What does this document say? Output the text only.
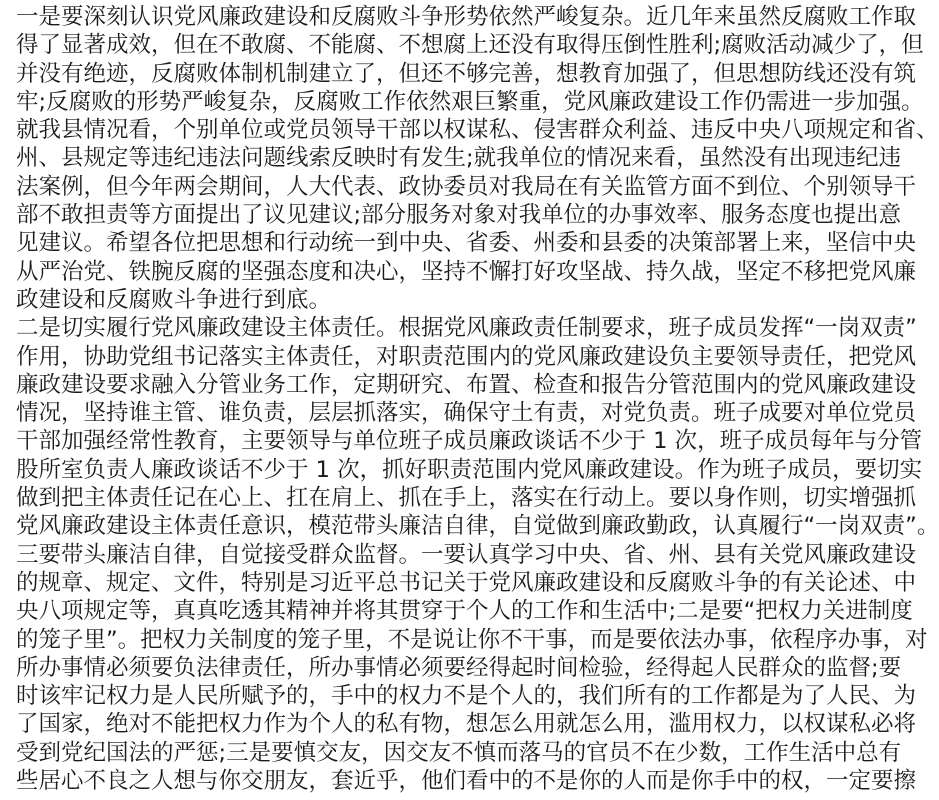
一是要深刻认识党风廉政建设和反腐败斗争形势依然严峻复杂。近几年来虽然反腐败工作取
得了显著成效，但在不敢腐、不能腐、不想腐上还没有取得压倒性胜利;腐败活动减少了，但
并没有绝迹，反腐败体制机制建立了，但还不够完善，想教育加强了，但思想防线还没有筑
牢;反腐败的形势严峻复杂，反腐败工作依然艰巨繁重，党风廉政建设工作仍需进一步加强。
就我县情况看，个别单位或党员领导干部以权谋私、侵害群众利益、违反中央八项规定和省、
州、县规定等违纪违法问题线索反映时有发生;就我单位的情况来看，虽然没有出现违纪违
法案例，但今年两会期间，人大代表、政协委员对我局在有关监管方面不到位、个别领导干
部不敢担责等方面提出了议见建议;部分服务对象对我单位的办事效率、服务态度也提出意
见建议。希望各位把思想和行动统一到中央、省委、州委和县委的决策部署上来，坚信中央
从严治党、铁腕反腐的坚强态度和决心，坚持不懈打好攻坚战、持久战，坚定不移把党风廉
政建设和反腐败斗争进行到底。
二是切实履行党风廉政建设主体责任。根据党风廉政责任制要求，班子成员发挥“一岗双责”
作用，协助党组书记落实主体责任，对职责范围内的党风廉政建设负主要领导责任，把党风
廉政建设要求融入分管业务工作，定期研究、布置、检查和报告分管范围内的党风廉政建设
情况，坚持谁主管、谁负责，层层抓落实，确保守土有责，对党负责。班子成要对单位党员
干部加强经常性教育，主要领导与单位班子成员廉政谈话不少于 1 次，班子成员每年与分管
股所室负责人廉政谈话不少于 1 次，抓好职责范围内党风廉政建设。作为班子成员，要切实
做到把主体责任记在心上、扛在肩上、抓在手上，落实在行动上。要以身作则，切实增强抓
党风廉政建设主体责任意识，模范带头廉洁自律，自觉做到廉政勤政，认真履行“一岗双责”。
三要带头廉洁自律，自觉接受群众监督。一要认真学习中央、省、州、县有关党风廉政建设
的规章、规定、文件，特别是习近平总书记关于党风廉政建设和反腐败斗争的有关论述、中
央八项规定等，真真吃透其精神并将其贯穿于个人的工作和生活中;二是要“把权力关进制度
的笼子里”。把权力关制度的笼子里，不是说让你不干事，而是要依法办事，依程序办事，对
所办事情必须要负法律责任，所办事情必须要经得起时间检验，经得起人民群众的监督;要
时该牢记权力是人民所赋予的，手中的权力不是个人的，我们所有的工作都是为了人民、为
了国家，绝对不能把权力作为个人的私有物，想怎么用就怎么用，滥用权力，以权谋私必将
受到党纪国法的严惩;三是要慎交友，因交友不慎而落马的官员不在少数，工作生活中总有
些居心不良之人想与你交朋友，套近乎，他们看中的不是你的人而是你手中的权，一定要擦
